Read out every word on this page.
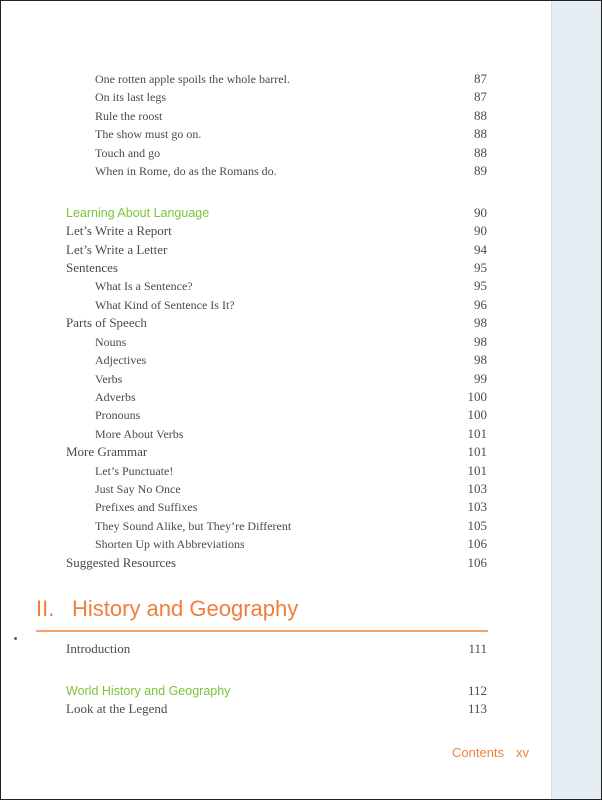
One rotten apple spoils the whole barrel.	87
On its last legs	87
Rule the roost	88
The show must go on.	88
Touch and go	88
When in Rome, do as the Romans do.	89
Learning About Language	90
Let’s Write a Report	90
Let’s Write a Letter	94
Sentences	95
What Is a Sentence?	95
What Kind of Sentence Is It?	96
Parts of Speech	98
Nouns	98
Adjectives	98
Verbs	99
Adverbs	100
Pronouns	100
More About Verbs	101
More Grammar	101
Let’s Punctuate!	101
Just Say No Once	103
Prefixes and Suffixes	103
They Sound Alike, but They’re Different	105
Shorten Up with Abbreviations	106
Suggested Resources	106
Introduction	111
World History and Geography	112
Look at the Legend	113
II. History and Geography
Contents xv
